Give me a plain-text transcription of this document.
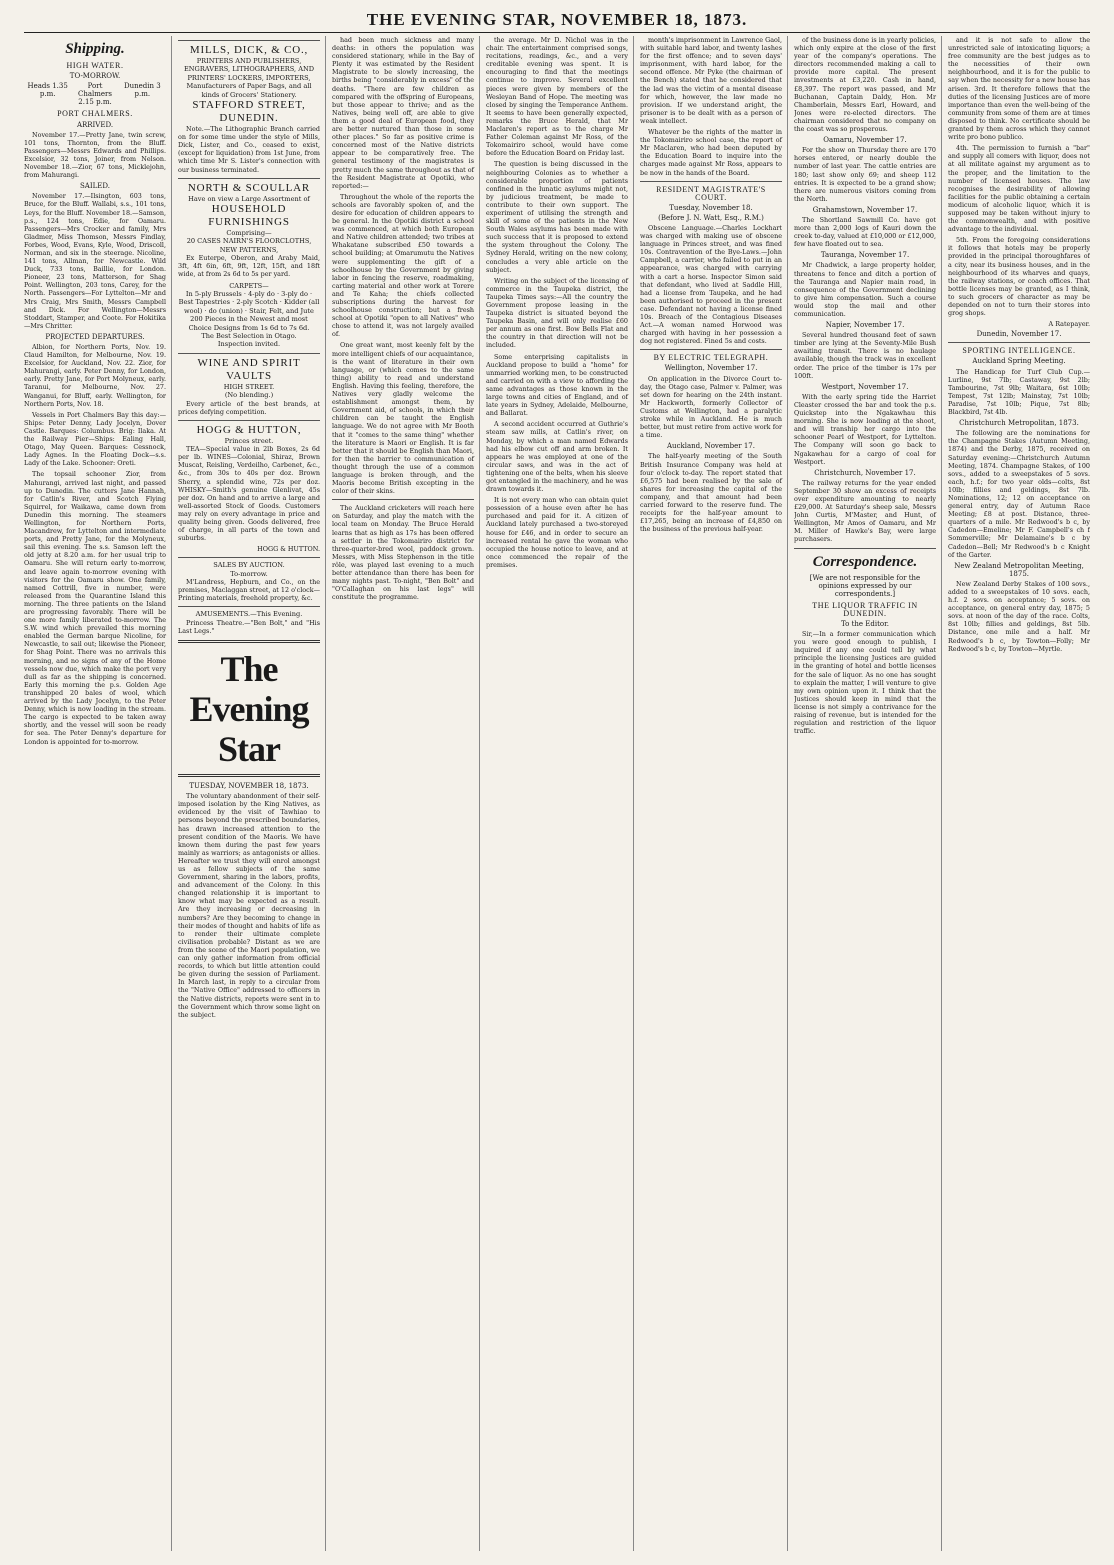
THE EVENING STAR, NOVEMBER 18, 1873.
Shipping.
HIGH WATER.
TO-MORROW.
Heads 1.35 p.m.
Port Chalmers 2.15 p.m.
Dunedin 3 p.m.
PORT CHALMERS.
ARRIVED.

November 17.—Pretty Jane, twin screw, 101 tons, Thornton, from the Bluff. Passengers—Messrs Edwards and Phillips. Excelsior, 32 tons, Joiner, from Nelson. November 18.—Zior, 67 tons, Micklejohn, from Mahurangi.

SAILED.

November 17.—Ilsington, 603 tons, Bruce, for the Bluff. Wallabi, s.s., 101 tons, Leys, for the Bluff. November 18.—Samson, p.s., 124 tons, Edie, for Oamaru. Passengers—Mrs Crocker and family, Mrs Gladmer, Miss Thomson, Messrs Findlay, Forbes, Wood, Evans, Kyle, Wood, Driscoll, Norman, and six in the steerage. Nicoline, 141 tons, Allman, for Newcastle. Wild Duck, 733 tons, Baillie, for London. Pioneer, 23 tons, Matterson, for Shag Point. Wellington, 203 tons, Carey, for the North. Passengers—For Lyttelton—Mr and Mrs Craig, Mrs Smith, Messrs Campbell and Dick. For Wellington—Messrs Stoddart, Stamper, and Coote. For Hokitika—Mrs Chritter.

PROJECTED DEPARTURES.

Albion, for Northern Ports, Nov. 19. Claud Hamilton, for Melbourne, Nov. 19. Excelsior, for Auckland, Nov. 22. Zior, for Mahurangi, early. Peter Denny, for London, early. Pretty Jane, for Port Molyneux, early. Taranui, for Melbourne, Nov. 27. Wanganui, for Bluff, early. Wellington, for Northern Ports, Nov. 18.

Vessels in Port Chalmers Bay this day:—Ships: Peter Denny, Lady Jocelyn, Dover Castle. Barques: Columbus. Brig: Ilaka. At the Railway Pier—Ships: Ealing Hall, Otago, May Queen. Barques: Cessnock, Lady Agnes. In the Floating Dock—s.s. Lady of the Lake. Schooner: Oreti.

The topsail schooner Zior, from Mahurangi, arrived last night, and passed up to Dunedin. The cutters Jane Hannah, for Catlin's River, and Scotch Flying Squirrel, for Waikawa, came down from Dunedin this morning. The steamers Wellington, for Northern Ports, Macandrew, for Lyttelton and intermediate ports, and Pretty Jane, for the Molyneux, sail this evening. The s.s. Samson left the old jetty at 8.20 a.m. for her usual trip to Oamaru. She will return early to-morrow, and leave again to-morrow evening with visitors for the Oamaru show. One family, named Cottrill, five in number, were released from the Quarantine Island this morning. The three patients on the Island are progressing favorably. There will be one more family liberated to-morrow. The S.W. wind which prevailed this morning enabled the German barque Nicoline, for Newcastle, to sail out; likewise the Pioneer, for Shag Point. There was no arrivals this morning, and no signs of any of the Home vessels now due, which make the port very dull as far as the shipping is concerned. Early this morning the p.s. Golden Age transhipped 20 bales of wool, which arrived by the Lady Jocelyn, to the Peter Denny, which is now loading in the stream. The cargo is expected to be taken away shortly, and the vessel will soon be ready for sea. The Peter Denny's departure for London is appointed for to-morrow.

MILLS, DICK, & CO.,
PRINTERS AND PUBLISHERS, ENGRAVERS, LITHOGRAPHERS, AND PRINTERS' LOCKERS, IMPORTERS,
Manufacturers of Paper Bags, and all kinds of Grocers' Stationery.
STAFFORD STREET, DUNEDIN.

Note.—The Lithographic Branch carried on for some time under the style of Mills, Dick, Lister, and Co., ceased to exist, (except for liquidation) from 1st June, from which time Mr S. Lister's connection with our business terminated.

NORTH & SCOULLAR
Have on view a Large Assortment of
HOUSEHOLD FURNISHINGS
Comprising—
20 CASES NAIRN'S FLOORCLOTHS, NEW PATTERNS,

Ex Euterpe, Oberon, and Araby Maid, 3ft, 4ft 6in, 6ft, 9ft, 12ft, 15ft, and 18ft wide, at from 2s 6d to 5s per yard.

CARPETS—
In 5-ply Brussels · 4-ply do · 3-ply do · Best Tapestries · 2-ply Scotch · Kidder (all wool) · do (union) · Stair, Felt, and Jute
200 Pieces in the Newest and most Choice Designs from 1s 6d to 7s 6d.
The Best Selection in Otago.
Inspection invited.
WINE AND SPIRIT VAULTS
HIGH STREET.
(No blending.)

Every article of the best brands, at prices defying competition.

HOGG & HUTTON,
Princes street.

TEA—Special value in 2lb Boxes, 2s 6d per lb. WINES—Colonial, Shiraz, Brown Muscat, Reisling, Verdeilho, Carbenet, &c., &c., from 30s to 40s per doz. Brown Sherry, a splendid wine, 72s per doz. WHISKY—Smith's genuine Glenlivat, 45s per doz. On hand and to arrive a large and well-assorted Stock of Goods. Customers may rely on every advantage in price and quality being given. Goods delivered, free of charge, in all parts of the town and suburbs.

HOGG & HUTTON.
SALES BY AUCTION.
To-morrow.

M'Landress, Hepburn, and Co., on the premises, Maclaggan street, at 12 o'clock—Printing materials, freehold property, &c.

AMUSEMENTS.—This Evening.

Princess Theatre.—"Ben Bolt," and "His Last Legs."

The Evening Star
TUESDAY, NOVEMBER 18, 1873.

The voluntary abandonment of their self-imposed isolation by the King Natives, as evidenced by the visit of Tawhiao to persons beyond the prescribed boundaries, has drawn increased attention to the present condition of the Maoris. We have known them during the past few years mainly as warriors; as antagonists or allies. Hereafter we trust they will enrol amongst us as fellow subjects of the same Government, sharing in the labors, profits, and advancement of the Colony. In this changed relationship it is important to know what may be expected as a result. Are they increasing or decreasing in numbers? Are they becoming to change in their modes of thought and habits of life as to render their ultimate complete civilisation probable? Distant as we are from the scene of the Maori population, we can only gather information from official records, to which but little attention could be given during the session of Parliament. In March last, in reply to a circular from the "Native Office" addressed to officers in the Native districts, reports were sent in to the Government which throw some light on the subject.

had been much sickness and many deaths: in others the population was considered stationary, while in the Bay of Plenty it was estimated by the Resident Magistrate to be slowly increasing, the births being "considerably in excess" of the deaths. "There are few children as compared with the offspring of Europeans, but those appear to thrive; and as the Natives, being well off, are able to give them a good deal of European food, they are better nurtured than those in some other places." So far as positive crime is concerned most of the Native districts appear to be comparatively free. The general testimony of the magistrates is pretty much the same throughout as that of the Resident Magistrate at Opotiki, who reported:—

Throughout the whole of the reports the schools are favorably spoken of, and the desire for education of children appears to be general. In the Opotiki district a school was commenced, at which both European and Native children attended; two tribes at Whakatane subscribed £50 towards a school building; at Omarumutu the Natives were supplementing the gift of a schoolhouse by the Government by giving labor in fencing the reserve, roadmaking, carting material and other work at Torere and Te Kaha; the chiefs collected subscriptions during the harvest for schoolhouse construction; but a fresh school at Opotiki "open to all Natives" who chose to attend it, was not largely availed of.

One great want, most keenly felt by the more intelligent chiefs of our acquaintance, is the want of literature in their own language, or (which comes to the same thing) ability to read and understand English. Having this feeling, therefore, the Natives very gladly welcome the establishment amongst them, by Government aid, of schools, in which their children can be taught the English language. We do not agree with Mr Booth that it "comes to the same thing" whether the literature is Maori or English. It is far better that it should be English than Maori, for then the barrier to communication of thought through the use of a common language is broken through, and the Maoris become British excepting in the color of their skins.

The Auckland cricketers will reach here on Saturday, and play the match with the local team on Monday. The Bruce Herald learns that as high as 17s has been offered a settler in the Tokomairiro district for three-quarter-bred wool, paddock grown. Messrs, with Miss Stephenson in the title rôle, was played last evening to a much better attendance than there has been for many nights past. To-night, "Ben Bolt" and "O'Callaghan on his last legs" will constitute the programme.

the average. Mr D. Nichol was in the chair. The entertainment comprised songs, recitations, readings, &c., and a very creditable evening was spent. It is encouraging to find that the meetings continue to improve. Several excellent pieces were given by members of the Wesleyan Band of Hope. The meeting was closed by singing the Temperance Anthem. It seems to have been generally expected, remarks the Bruce Herald, that Mr Maclaren's report as to the charge Mr Father Coleman against Mr Ross, of the Tokomairiro school, would have come before the Education Board on Friday last.

The question is being discussed in the neighbouring Colonies as to whether a considerable proportion of patients confined in the lunatic asylums might not, by judicious treatment, be made to contribute to their own support. The experiment of utilising the strength and skill of some of the patients in the New South Wales asylums has been made with such success that it is proposed to extend the system throughout the Colony. The Sydney Herald, writing on the new colony, concludes a very able article on the subject.

Writing on the subject of the licensing of commerce in the Taupeka district, the Taupeka Times says:—All the country the Government propose leasing in the Taupeka district is situated beyond the Taupeka Basin, and will only realise £60 per annum as one first. Bow Bells Flat and the country in that direction will not be included.

Some enterprising capitalists in Auckland propose to build a "home" for unmarried working men, to be constructed and carried on with a view to affording the same advantages as those known in the large towns and cities of England, and of late years in Sydney, Adelaide, Melbourne, and Ballarat.

A second accident occurred at Guthrie's steam saw mills, at Catlin's river, on Monday, by which a man named Edwards had his elbow cut off and arm broken. It appears he was employed at one of the circular saws, and was in the act of tightening one of the belts, when his sleeve got entangled in the machinery, and he was drawn towards it.

It is not every man who can obtain quiet possession of a house even after he has purchased and paid for it. A citizen of Auckland lately purchased a two-storeyed house for £46, and in order to secure an increased rental he gave the woman who occupied the house notice to leave, and at once commenced the repair of the premises.

month's imprisonment in Lawrence Gaol, with suitable hard labor, and twenty lashes for the first offence; and to seven days' imprisonment, with hard labor, for the second offence. Mr Pyke (the chairman of the Bench) stated that he considered that the lad was the victim of a mental disease for which, however, the law made no provision. If we understand aright, the prisoner is to be dealt with as a person of weak intellect.

Whatever be the rights of the matter in the Tokomairiro school case, the report of Mr Maclaren, who had been deputed by the Education Board to inquire into the charges made against Mr Ross, appears to be now in the hands of the Board.

RESIDENT MAGISTRATE'S COURT.
Tuesday, November 18.
(Before J. N. Watt, Esq., R.M.)

Obscene Language.—Charles Lockhart was charged with making use of obscene language in Princes street, and was fined 10s. Contravention of the Bye-Laws.—John Campbell, a carrier, who failed to put in an appearance, was charged with carrying with a cart a horse. Inspector Simon said that defendant, who lived at Saddle Hill, had a license from Taupeka, and he had been authorised to proceed in the present case. Defendant not having a license fined 10s. Breach of the Contagious Diseases Act.—A woman named Horwood was charged with having in her possession a dog not registered. Fined 5s and costs.

BY ELECTRIC TELEGRAPH.
Wellington, November 17.

On application in the Divorce Court to-day, the Otago case, Palmer v. Palmer, was set down for hearing on the 24th instant. Mr Hackworth, formerly Collector of Customs at Wellington, had a paralytic stroke while in Auckland. He is much better, but must retire from active work for a time.

Auckland, November 17.

The half-yearly meeting of the South British Insurance Company was held at four o'clock to-day. The report stated that £6,575 had been realised by the sale of shares for increasing the capital of the company, and that amount had been carried forward to the reserve fund. The receipts for the half-year amount to £17,265, being an increase of £4,850 on the business of the previous half-year.

of the business done is in yearly policies, which only expire at the close of the first year of the company's operations. The directors recommended making a call to provide more capital. The present investments at £3,220. Cash in hand, £8,397. The report was passed, and Mr Buchanan, Captain Daldy, Hon. Mr Chamberlain, Messrs Earl, Howard, and Jones were re-elected directors. The chairman considered that no company on the coast was so prosperous.

Oamaru, November 17.

For the show on Thursday there are 170 horses entered, or nearly double the number of last year. The cattle entries are 180; last show only 69; and sheep 112 entries. It is expected to be a grand show; there are numerous visitors coming from the North.

Grahamstown, November 17.

The Shortland Sawmill Co. have got more than 2,000 logs of Kauri down the creek to-day, valued at £10,000 or £12,000, few have floated out to sea.

Tauranga, November 17.

Mr Chadwick, a large property holder, threatens to fence and ditch a portion of the Tauranga and Napier main road, in consequence of the Government declining to give him compensation. Such a course would stop the mail and other communication.

Napier, November 17.

Several hundred thousand feet of sawn timber are lying at the Seventy-Mile Bush awaiting transit. There is no haulage available, though the track was in excellent order. The price of the timber is 17s per 100ft.

Westport, November 17.

With the early spring tide the Harriet Cleaster crossed the bar and took the p.s. Quickstep into the Ngakawhau this morning. She is now loading at the shoot, and will tranship her cargo into the schooner Pearl of Westport, for Lyttelton. The Company will soon go back to Ngakawhau for a cargo of coal for Westport.

Christchurch, November 17.

The railway returns for the year ended September 30 show an excess of receipts over expenditure amounting to nearly £29,000. At Saturday's sheep sale, Messrs John Curtis, M'Master, and Hunt, of Wellington, Mr Amos of Oamaru, and Mr M. Miller of Hawke's Bay, were large purchasers.

Correspondence.
[We are not responsible for the opinions expressed by our correspondents.]
THE LIQUOR TRAFFIC IN DUNEDIN.
To the Editor.

Sir,—In a former communication which you were good enough to publish, I inquired if any one could tell by what principle the licensing Justices are guided in the granting of hotel and bottle licenses for the sale of liquor. As no one has sought to explain the matter, I will venture to give my own opinion upon it. I think that the Justices should keep in mind that the license is not simply a contrivance for the raising of revenue, but is intended for the regulation and restriction of the liquor traffic.

and it is not safe to allow the unrestricted sale of intoxicating liquors; a free community are the best judges as to the necessities of their own neighbourhood, and it is for the public to say when the necessity for a new house has arisen. 3rd. It therefore follows that the duties of the licensing Justices are of more importance than even the well-being of the community from some of them are at times disposed to think. No certificate should be granted by them across which they cannot write pro bono publico.

4th. The permission to furnish a "bar" and supply all comers with liquor, does not at all militate against my argument as to the proper, and the limitation to the number of licensed houses. The law recognises the desirability of allowing facilities for the public obtaining a certain modicum of alcoholic liquor, which it is supposed may be taken without injury to the commonwealth, and with positive advantage to the individual.

5th. From the foregoing considerations it follows that hotels may be properly provided in the principal thoroughfares of a city, near its business houses, and in the neighbourhood of its wharves and quays, the railway stations, or coach offices. That bottle licenses may be granted, as I think, to such grocers of character as may be depended on not to turn their stores into grog shops.

A Ratepayer.
Dunedin, November 17.
SPORTING INTELLIGENCE.
Auckland Spring Meeting.

The Handicap for Turf Club Cup.—Lurline, 9st 7lb; Castaway, 9st 2lb; Tambourine, 7st 9lb; Waitara, 6st 10lb; Tempest, 7st 12lb; Mainstay, 7st 10lb; Paradise, 7st 10lb; Pique, 7st 8lb; Blackbird, 7st 4lb.

Christchurch Metropolitan, 1873.

The following are the nominations for the Champagne Stakes (Autumn Meeting, 1874) and the Derby, 1875, received on Saturday evening:—Christchurch Autumn Meeting, 1874. Champagne Stakes, of 100 sovs., added to a sweepstakes of 5 sovs. each, h.f.; for two year olds—colts, 8st 10lb; fillies and geldings, 8st 7lb. Nominations, 12; 12 on acceptance on general entry, day of Autumn Race Meeting; £8 at post. Distance, three-quarters of a mile. Mr Redwood's b c, by Cadedon—Emeline; Mr F. Campbell's ch f Sommerville; Mr Delamaine's b c by Cadedon—Bell; Mr Redwood's b c Knight of the Garter.

New Zealand Metropolitan Meeting, 1875.

New Zealand Derby Stakes of 100 sovs., added to a sweepstakes of 10 sovs. each, h.f. 2 sovs. on acceptance; 5 sovs. on acceptance, on general entry day, 1875; 5 sovs. at noon of the day of the race. Colts, 8st 10lb; fillies and geldings, 8st 5lb. Distance, one mile and a half. Mr Redwood's b c, by Towton—Folly; Mr Redwood's b c, by Towton—Myrtle.
